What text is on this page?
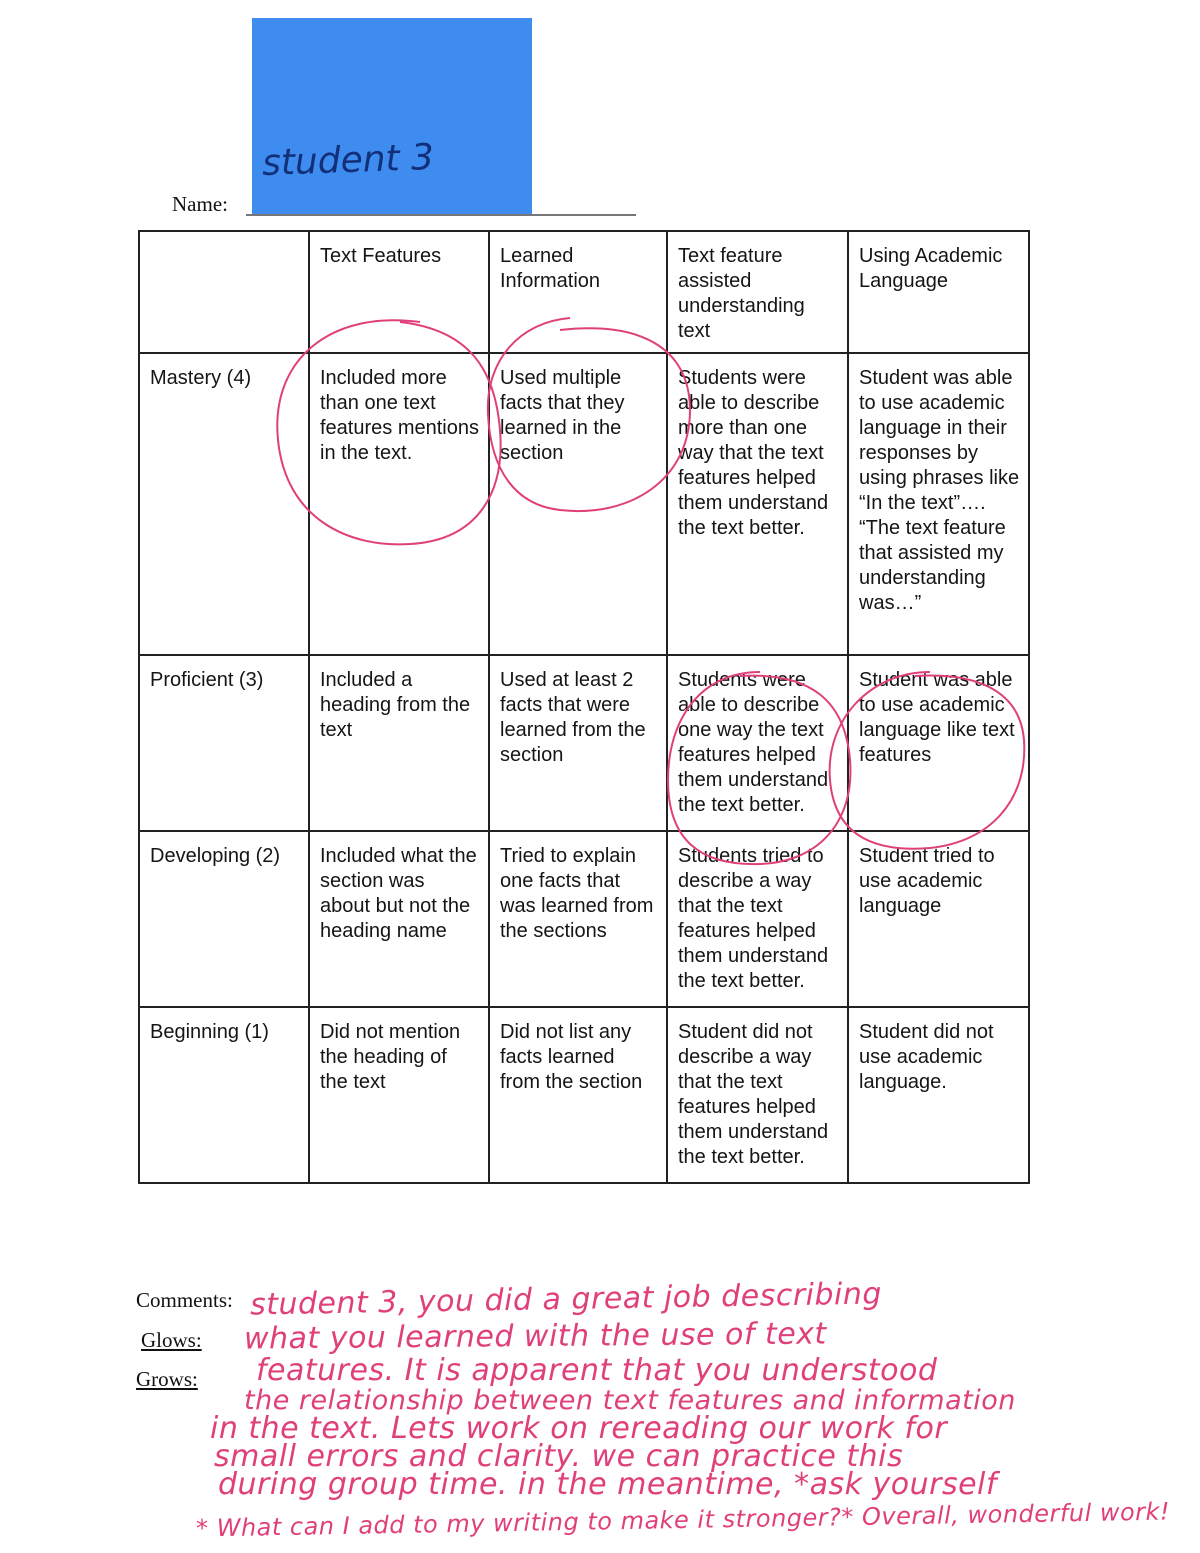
student 3
Name:
	Text Features	Learned Information	Text feature assisted understanding text	Using Academic Language
Mastery (4)	Included more than one text features mentions in the text.	Used multiple facts that they learned in the section	Students were able to describe more than one way that the text features helped them understand the text better.	Student was able to use academic language in their responses by using phrases like “In the text”…. “The text feature that assisted my understanding was…”
Proficient (3)	Included a heading from the text	Used at least 2 facts that were learned from the section	Students were able to describe one way the text features helped them understand the text better.	Student was able to use academic language like text features
Developing (2)	Included what the section was about but not the heading name	Tried to explain one facts that was learned from the sections	Students tried to describe a way that the text features helped them understand the text better.	Student tried to use academic language
Beginning (1)	Did not mention the heading of the text	Did not list any facts learned from the section	Student did not describe a way that the text features helped them understand the text better.	Student did not use academic language.
Comments:
Glows:
Grows:
student 3, you did a great job describing
what you learned with the use of text
features. It is apparent that you understood
the relationship between text features and information
in the text. Lets work on rereading our work for
small errors and clarity. we can practice this
during group time. in the meantime, *ask yourself
* What can I add to my writing to make it stronger?* Overall, wonderful work!
